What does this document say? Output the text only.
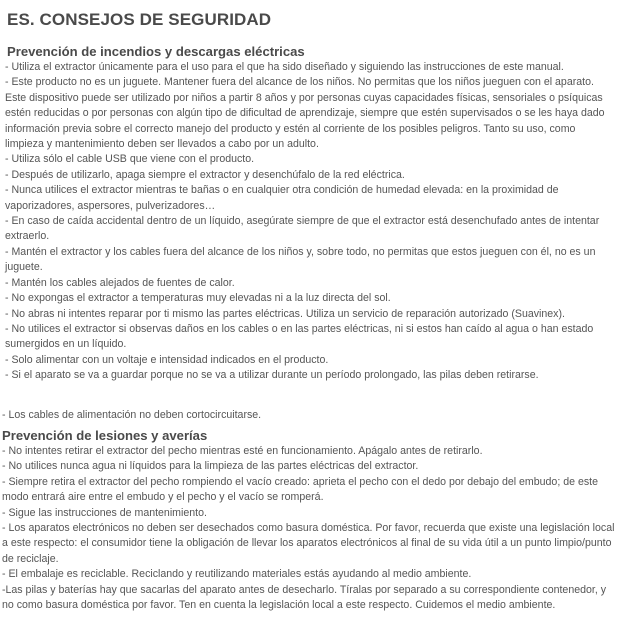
ES. CONSEJOS DE SEGURIDAD
Prevención de incendios y descargas eléctricas
- Utiliza el extractor únicamente para el uso para el que ha sido diseñado y siguiendo las instrucciones de este manual.
- Este producto no es un juguete. Mantener fuera del alcance de los niños. No permitas que los niños jueguen con el aparato. Este dispositivo puede ser utilizado por niños a partir 8 años y por personas cuyas capacidades físicas, sensoriales o psíquicas estén reducidas o por personas con algún tipo de dificultad de aprendizaje, siempre que estén supervisados o se les haya dado información previa sobre el correcto manejo del producto y estén al corriente de los posibles peligros. Tanto su uso, como limpieza y mantenimiento deben ser llevados a cabo por un adulto.
- Utiliza sólo el cable USB que viene con el producto.
- Después de utilizarlo, apaga siempre el extractor y desenchúfalo de la red eléctrica.
- Nunca utilices el extractor mientras te bañas o en cualquier otra condición de humedad elevada: en la proximidad de vaporizadores, aspersores, pulverizadores…
- En caso de caída accidental dentro de un líquido, asegúrate siempre de que el extractor está desenchufado antes de intentar extraerlo.
- Mantén el extractor y los cables fuera del alcance de los niños y, sobre todo, no permitas que estos jueguen con él, no es un juguete.
- Mantén los cables alejados de fuentes de calor.
- No expongas el extractor a temperaturas muy elevadas ni a la luz directa del sol.
- No abras ni intentes reparar por ti mismo las partes eléctricas. Utiliza un servicio de reparación autorizado (Suavinex).
- No utilices el extractor si observas daños en los cables o en las partes eléctricas, ni si estos han caído al agua o han estado sumergidos en un líquido.
- Solo alimentar con un voltaje e intensidad indicados en el producto.
- Si el aparato se va a guardar porque no se va a utilizar durante un período prolongado, las pilas deben retirarse.
- Los cables de alimentación no deben cortocircuitarse.
Prevención de lesiones y averías
- No intentes retirar el extractor del pecho mientras esté en funcionamiento. Apágalo antes de retirarlo.
- No utilices nunca agua ni líquidos para la limpieza de las partes eléctricas del extractor.
- Siempre retira el extractor del pecho rompiendo el vacío creado: aprieta el pecho con el dedo por debajo del embudo; de este modo entrará aire entre el embudo y el pecho y el vacío se romperá.
- Sigue las instrucciones de mantenimiento.
- Los aparatos electrónicos no deben ser desechados como basura doméstica. Por favor, recuerda que existe una legislación local a este respecto: el consumidor tiene la obligación de llevar los aparatos electrónicos al final de su vida útil a un punto limpio/punto de reciclaje.
- El embalaje es reciclable. Reciclando y reutilizando materiales estás ayudando al medio ambiente.
-Las pilas y baterías hay que sacarlas del aparato antes de desecharlo. Tíralas por separado a su correspondiente contenedor, y no como basura doméstica por favor. Ten en cuenta la legislación local a este respecto. Cuidemos el medio ambiente.
